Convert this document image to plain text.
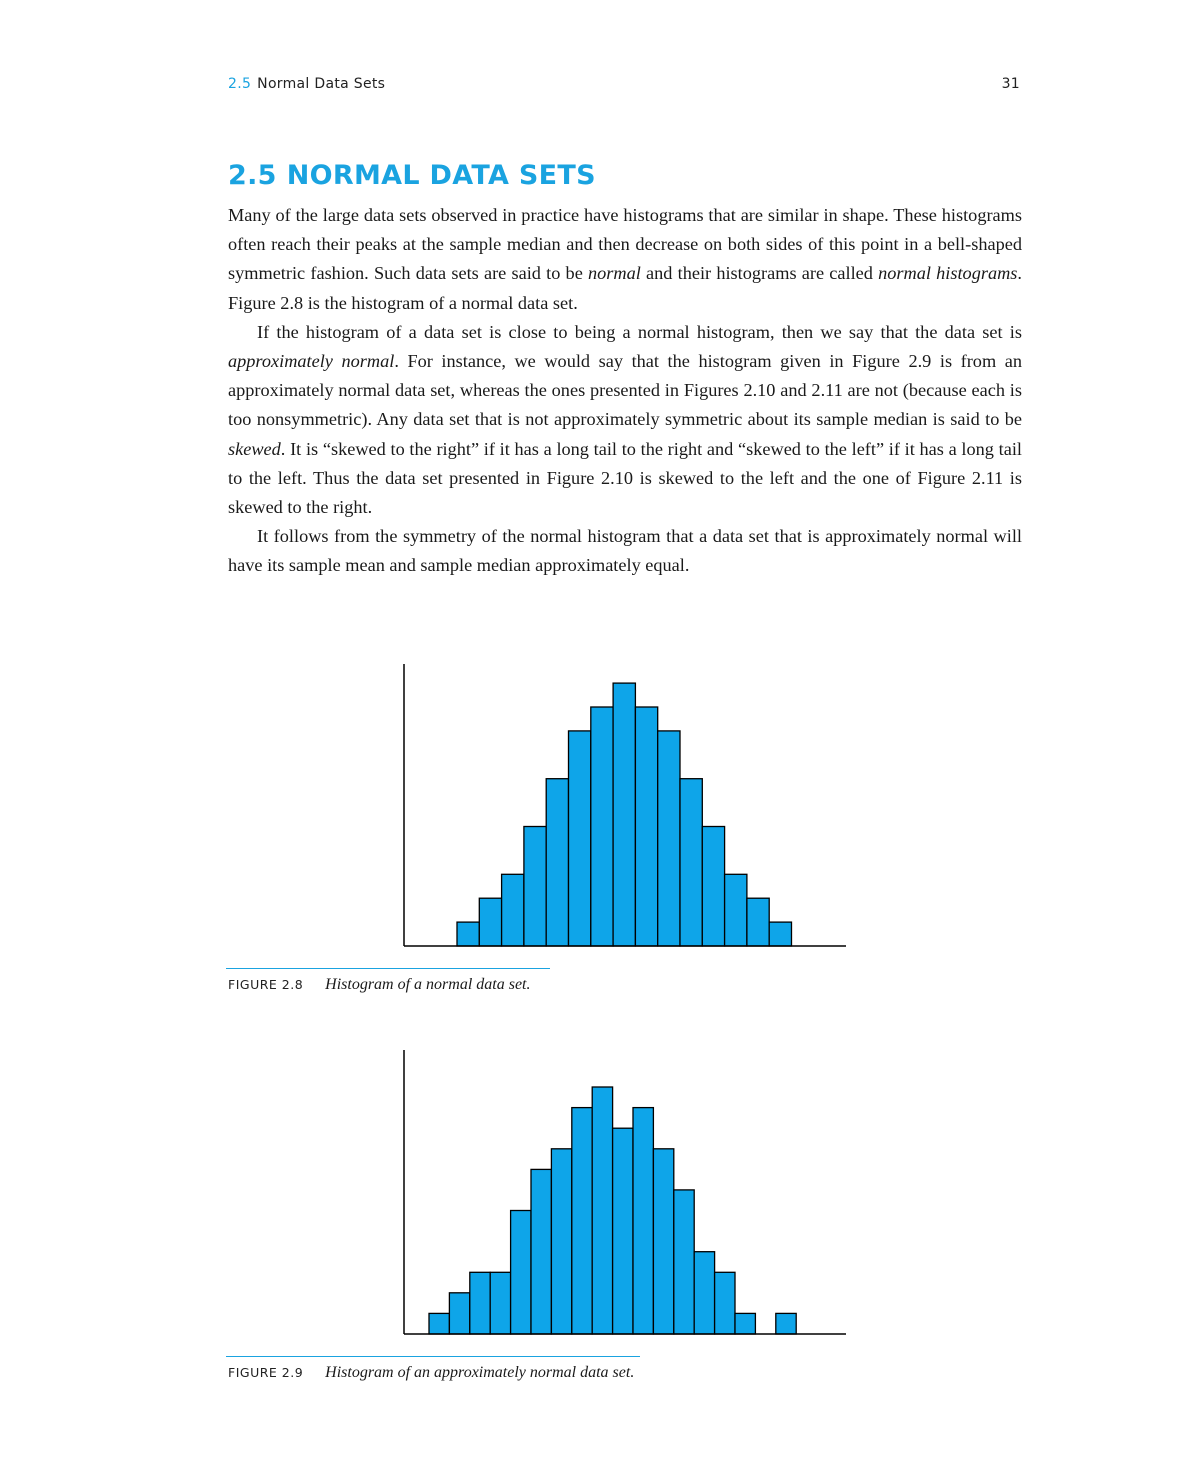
2.5 Normal Data Sets	31
2.5 NORMAL DATA SETS

Many of the large data sets observed in practice have histograms that are similar in shape. These histograms often reach their peaks at the sample median and then decrease on both sides of this point in a bell-shaped symmetric fashion. Such data sets are said to be normal and their histograms are called normal histograms. Figure 2.8 is the histogram of a normal data set.

If the histogram of a data set is close to being a normal histogram, then we say that the data set is approximately normal. For instance, we would say that the histogram given in Figure 2.9 is from an approximately normal data set, whereas the ones presented in Figures 2.10 and 2.11 are not (because each is too nonsymmetric). Any data set that is not approximately symmetric about its sample median is said to be skewed. It is “skewed to the right” if it has a long tail to the right and “skewed to the left” if it has a long tail to the left. Thus the data set presented in Figure 2.10 is skewed to the left and the one of Figure 2.11 is skewed to the right.

It follows from the symmetry of the normal histogram that a data set that is approximately normal will have its sample mean and sample median approximately equal.

FIGURE 2.8 Histogram of a normal data set.
FIGURE 2.9 Histogram of an approximately normal data set.
